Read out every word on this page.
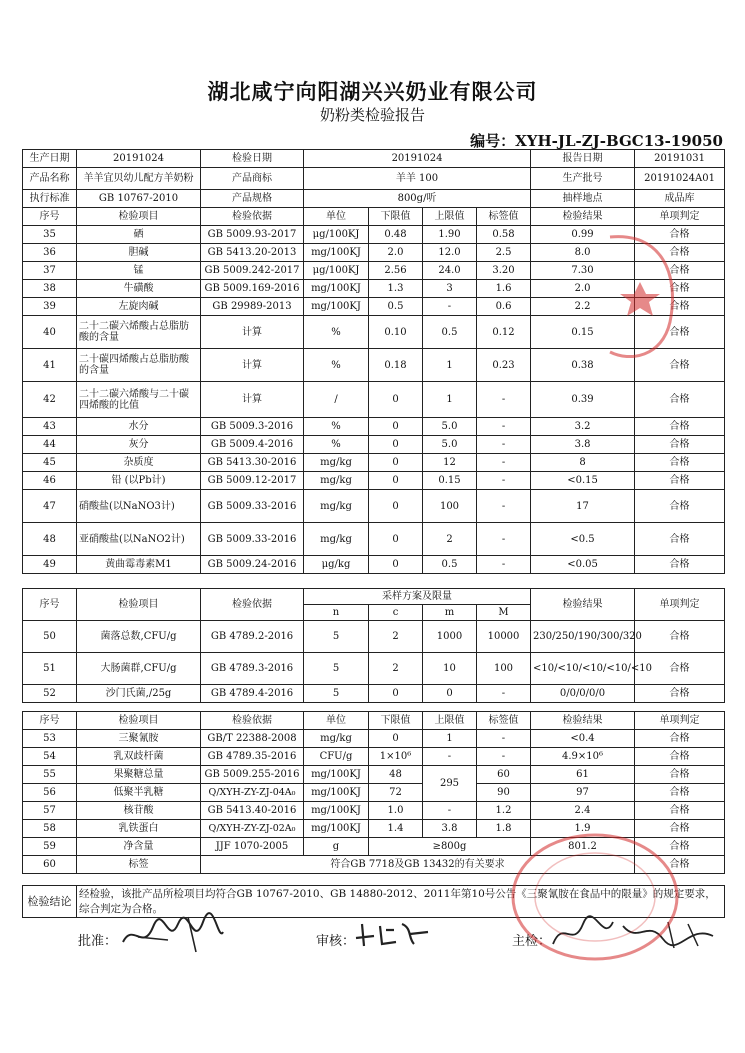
湖北咸宁向阳湖兴兴奶业有限公司
奶粉类检验报告
编号：XYH-JL-ZJ-BGC13-19050
生产日期	20191024	检验日期	20191024				报告日期	20191031
产品名称	羊羊宜贝幼儿配方羊奶粉	产品商标	羊羊 100				生产批号	20191024A01
执行标准	GB 10767-2010	产品规格	800g/听				抽样地点	成品库
序号	检验项目	检验依据	单位	下限值	上限值	标签值	检验结果	单项判定
35	硒	GB 5009.93-2017	μg/100KJ	0.48	1.90	0.58	0.99	合格
36	胆碱	GB 5413.20-2013	mg/100KJ	2.0	12.0	2.5	8.0	合格
37	锰	GB 5009.242-2017	μg/100KJ	2.56	24.0	3.20	7.30	合格
38	牛磺酸	GB 5009.169-2016	mg/100KJ	1.3	3	1.6	2.0	合格
39	左旋肉碱	GB 29989-2013	mg/100KJ	0.5	-	0.6	2.2	合格
40	二十二碳六烯酸占总脂肪酸的含量	计算	%	0.10	0.5	0.12	0.15	合格
41	二十碳四烯酸占总脂肪酸的含量	计算	%	0.18	1	0.23	0.38	合格
42	二十二碳六烯酸与二十碳四烯酸的比值	计算	/	0	1	-	0.39	合格
43	水分	GB 5009.3-2016	%	0	5.0	-	3.2	合格
44	灰分	GB 5009.4-2016	%	0	5.0	-	3.8	合格
45	杂质度	GB 5413.30-2016	mg/kg	0	12	-	8	合格
46	铅 (以Pb计)	GB 5009.12-2017	mg/kg	0	0.15	-	<0.15	合格
47	硝酸盐(以NaNO3计)	GB 5009.33-2016	mg/kg	0	100	-	17	合格
48	亚硝酸盐(以NaNO2计)	GB 5009.33-2016	mg/kg	0	2	-	<0.5	合格
49	黄曲霉毒素M1	GB 5009.24-2016	μg/kg	0	0.5	-	<0.05	合格
序号	检验项目	检验依据	采样方案及限量				检验结果	单项判定
			n	c	m	M		
50	菌落总数,CFU/g	GB 4789.2-2016	5	2	1000	10000	230/250/190/300/320	合格
51	大肠菌群,CFU/g	GB 4789.3-2016	5	2	10	100	<10/<10/<10/<10/<10	合格
52	沙门氏菌,/25g	GB 4789.4-2016	5	0	0	-	0/0/0/0/0	合格
序号	检验项目	检验依据	单位	下限值	上限值	标签值	检验结果	单项判定
53	三聚氰胺	GB/T 22388-2008	mg/kg	0	1	-	<0.4	合格
54	乳双歧杆菌	GB 4789.35-2016	CFU/g	1×10⁶	-	-	4.9×10⁶	合格
55	果聚糖总量	GB 5009.255-2016	mg/100KJ	48	295	60	61	合格
56	低聚半乳糖	Q/XYH-ZY-ZJ-04A₀	mg/100KJ	72		90	97	合格
57	核苷酸	GB 5413.40-2016	mg/100KJ	1.0	-	1.2	2.4	合格
58	乳铁蛋白	Q/XYH-ZY-ZJ-02A₀	mg/100KJ	1.4	3.8	1.8	1.9	合格
59	净含量	JJF 1070-2005	g	≥800g			801.2	合格
60	标签	符合GB 7718及GB 13432的有关要求						合格
检验结论	经检验，该批产品所检项目均符合GB 10767-2010、GB 14880-2012、2011年第10号公告《三聚氰胺在食品中的限量》的规定要求，综合判定为合格。
批准：	审核：	主检：
